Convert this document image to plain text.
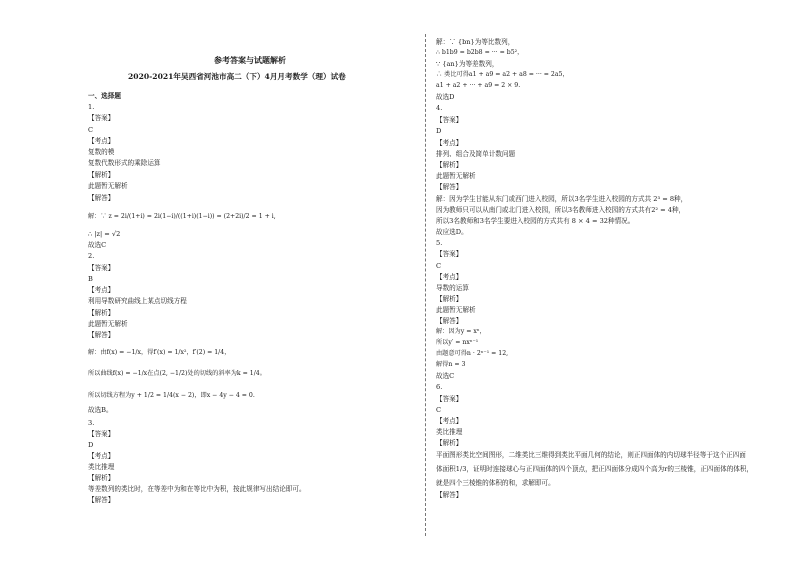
参考答案与试题解析
2020-2021年吴西省河池市高二（下）4月月考数学（理）试卷
一、选择题
1.
【答案】
C
【考点】
复数的模
复数代数形式的乘除运算
【解析】
此题暂无解析
【解答】
解：∵ z = 2i/(1+i) = 2i(1−i)/((1+i)(1−i)) = (2+2i)/2 = 1 + i,
∴ |z| = √2
故选C
2.
【答案】
B
【考点】
利用导数研究曲线上某点切线方程
【解析】
此题暂无解析
【解答】
解：由f(x) = −1/x，得f′(x) = 1/x²，f′(2) = 1/4，
所以曲线f(x) = −1/x在点(2, −1/2)处的切线的斜率为k = 1/4。
所以切线方程为y + 1/2 = 1/4(x − 2)，即x − 4y − 4 = 0.
故选B。
3.
【答案】
D
【考点】
类比推理
【解析】
等差数列的类比时，在等差中为和在等比中为积，按此规律写出结论即可。
【解答】
解：∵ {bn}为等比数列，
∴ b1b9 = b2b8 = ··· = b5²，
∵ {an}为等差数列，
∴ 类比可得a1 + a9 = a2 + a8 = ··· = 2a5，
a1 + a2 + ··· + a9 = 2 × 9.
故选D
4.
【答案】
D
【考点】
排列、组合及简单计数问题
【解析】
此题暂无解析
【解答】
解：因为学生甘能从东门或西门进入校园，所以3名学生进入校园的方式共 2³ = 8种，
因为教师只可以从南门或北门进入校园，所以3名教师进入校园的方式共有2² = 4种，
所以3名教师和3名学生要进入校园的方式共有 8 × 4 = 32种情况。
故应选D。
5.
【答案】
C
【考点】
导数的运算
【解析】
此题暂无解析
【解答】
解：因为y = xⁿ，
所以y′ = nxⁿ⁻¹
由题意可得n · 2ⁿ⁻¹ = 12,
解得n = 3
故选C
6.
【答案】
C
【考点】
类比推理
【解析】
平面图形类比空间图形，二维类比三维得到类比平面几何的结论，则正四面体的内切球半径等于这个正四面
体面积1/3，证明时连接球心与正四面体的四个顶点，把正四面体分成四个高为r的三棱锥，正四面体的体积，
就是四个三棱锥的体积的和，求解即可。
【解答】
